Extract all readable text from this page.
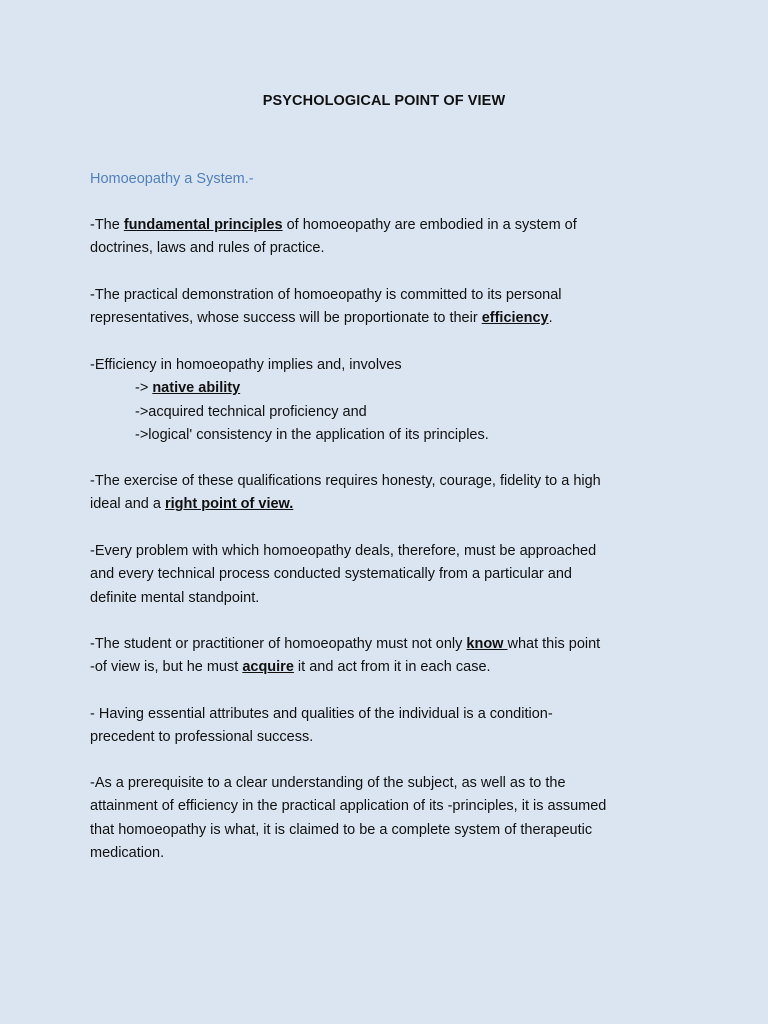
PSYCHOLOGICAL POINT OF VIEW
Homoeopathy a System.-
-The fundamental principles of homoeopathy are embodied in a system of
doctrines, laws and rules of practice.
-The practical demonstration of homoeopathy is committed to its personal
representatives, whose success will be proportionate to their efficiency.
-Efficiency in homoeopathy implies and, involves
-> native ability
->acquired technical proficiency and
->logical' consistency in the application of its principles.
-The exercise of these qualifications requires honesty, courage, fidelity to a high
ideal and a right point of view.
-Every problem with which homoeopathy deals, therefore, must be approached
and every technical process conducted systematically from a particular and
definite mental standpoint.
-The student or practitioner of homoeopathy must not only know what this point
-of view is, but he must acquire it and act from it in each case.
- Having essential attributes and qualities of the individual is a condition-
precedent to professional success.
-As a prerequisite to a clear understanding of the subject, as well as to the
attainment of efficiency in the practical application of its -principles, it is assumed
that homoeopathy is what, it is claimed to be a complete system of therapeutic
medication.
